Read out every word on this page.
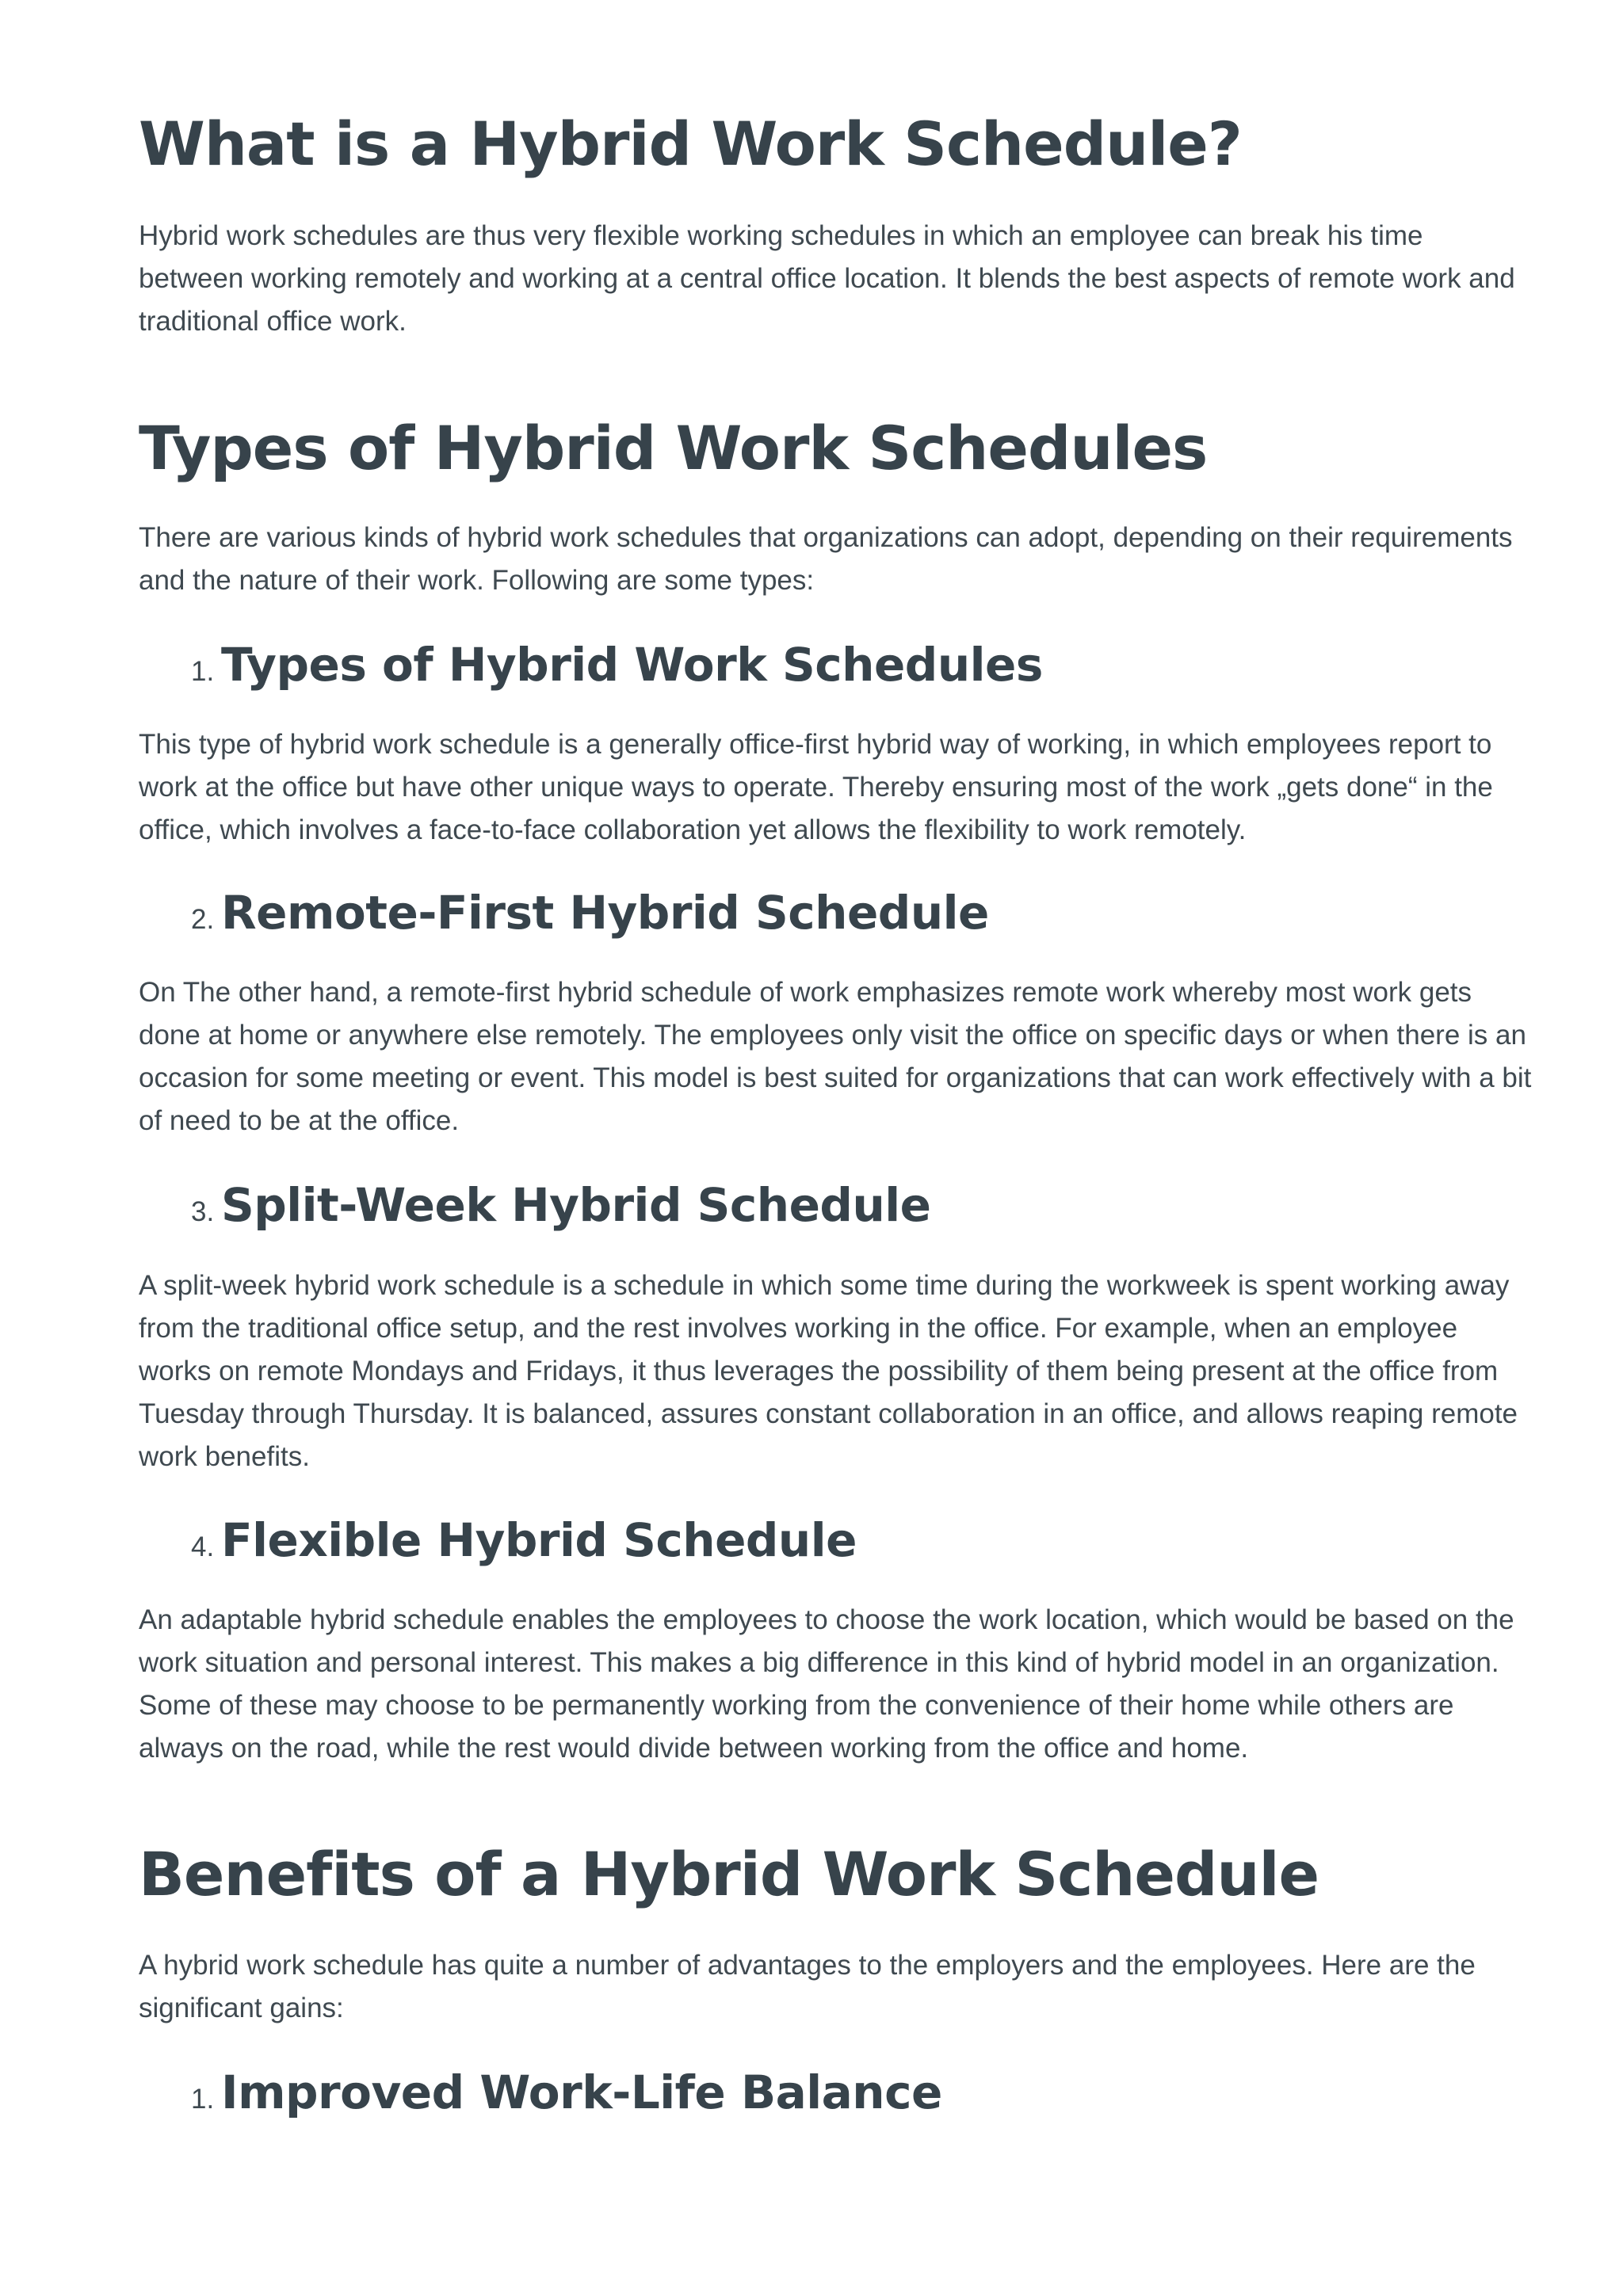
What is a Hybrid Work Schedule?

Hybrid work schedules are thus very flexible working schedules in which an employee can break his time between working remotely and working at a central office location. It blends the best aspects of remote work and traditional office work.

Types of Hybrid Work Schedules

There are various kinds of hybrid work schedules that organizations can adopt, depending on their requirements and the nature of their work. Following are some types:

1. Types of Hybrid Work Schedules

This type of hybrid work schedule is a generally office-first hybrid way of working, in which employees report to work at the office but have other unique ways to operate. Thereby ensuring most of the work „gets done“ in the office, which involves a face-to-face collaboration yet allows the flexibility to work remotely.

2. Remote-First Hybrid Schedule

On The other hand, a remote-first hybrid schedule of work emphasizes remote work whereby most work gets done at home or anywhere else remotely. The employees only visit the office on specific days or when there is an occasion for some meeting or event. This model is best suited for organizations that can work effectively with a bit of need to be at the office.

3. Split-Week Hybrid Schedule

A split-week hybrid work schedule is a schedule in which some time during the workweek is spent working away from the traditional office setup, and the rest involves working in the office. For example, when an employee works on remote Mondays and Fridays, it thus leverages the possibility of them being present at the office from Tuesday through Thursday. It is balanced, assures constant collaboration in an office, and allows reaping remote work benefits.

4. Flexible Hybrid Schedule

An adaptable hybrid schedule enables the employees to choose the work location, which would be based on the work situation and personal interest. This makes a big difference in this kind of hybrid model in an organization. Some of these may choose to be permanently working from the convenience of their home while others are always on the road, while the rest would divide between working from the office and home.

Benefits of a Hybrid Work Schedule

A hybrid work schedule has quite a number of advantages to the employers and the employees. Here are the significant gains:

1. Improved Work-Life Balance
